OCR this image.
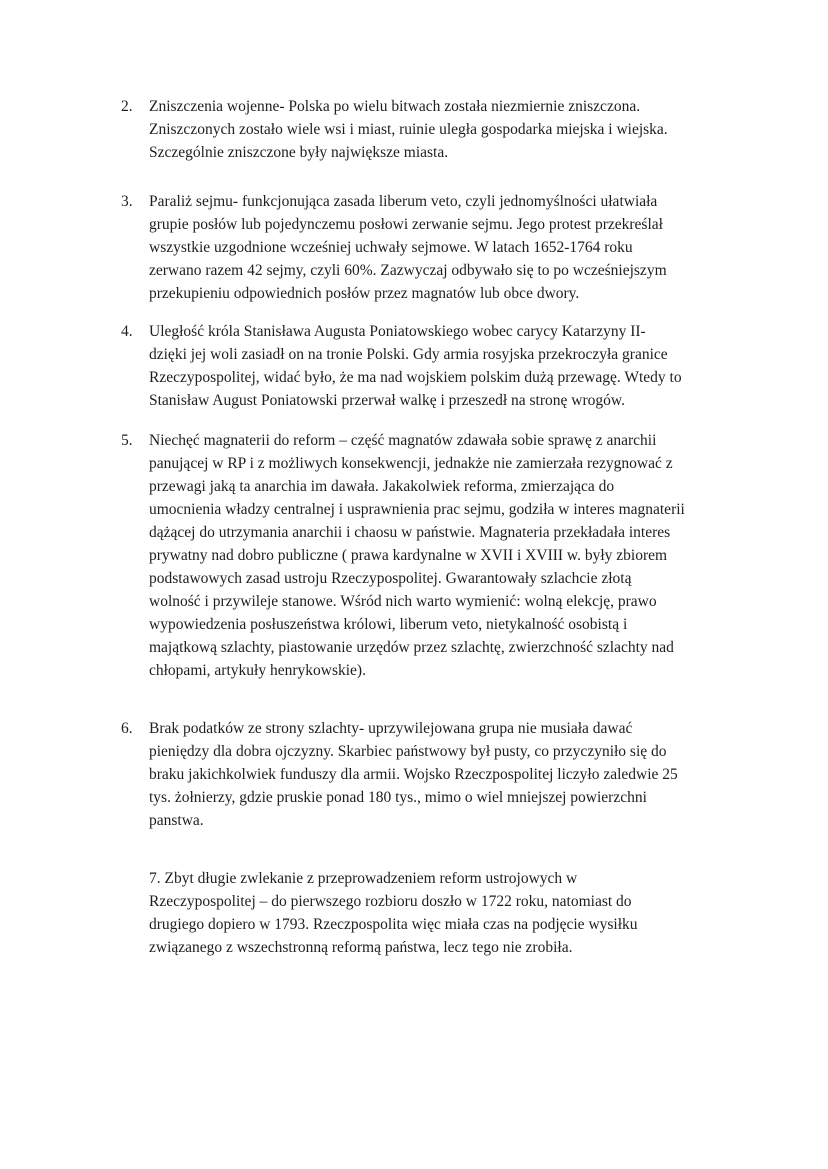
2. Zniszczenia wojenne- Polska po wielu bitwach została niezmiernie zniszczona.
Zniszczonych zostało wiele wsi i miast, ruinie uległa gospodarka miejska i wiejska.
Szczególnie zniszczone były największe miasta.
3. Paraliż sejmu- funkcjonująca zasada liberum veto, czyli jednomyślności ułatwiała
grupie posłów lub pojedynczemu posłowi zerwanie sejmu. Jego protest przekreślał
wszystkie uzgodnione wcześniej uchwały sejmowe. W latach 1652-1764 roku
zerwano razem 42 sejmy, czyli 60%. Zazwyczaj odbywało się to po wcześniejszym
przekupieniu odpowiednich posłów przez magnatów lub obce dwory.
4. Uległość króla Stanisława Augusta Poniatowskiego wobec carycy Katarzyny II-
dzięki jej woli zasiadł on na tronie Polski. Gdy armia rosyjska przekroczyła granice
Rzeczypospolitej, widać było, że ma nad wojskiem polskim dużą przewagę. Wtedy to
Stanisław August Poniatowski przerwał walkę i przeszedł na stronę wrogów.
5. Niechęć magnaterii do reform – część magnatów zdawała sobie sprawę z anarchii
panującej w RP i z możliwych konsekwencji, jednakże nie zamierzała rezygnować z
przewagi jaką ta anarchia im dawała. Jakakolwiek reforma, zmierzająca do
umocnienia władzy centralnej i usprawnienia prac sejmu, godziła w interes magnaterii
dążącej do utrzymania anarchii i chaosu w państwie. Magnateria przekładała interes
prywatny nad dobro publiczne ( prawa kardynalne w XVII i XVIII w. były zbiorem
podstawowych zasad ustroju Rzeczypospolitej. Gwarantowały szlachcie złotą
wolność i przywileje stanowe. Wśród nich warto wymienić: wolną elekcję, prawo
wypowiedzenia posłuszeństwa królowi, liberum veto, nietykalność osobistą i
majątkową szlachty, piastowanie urzędów przez szlachtę, zwierzchność szlachty nad
chłopami, artykuły henrykowskie).
6. Brak podatków ze strony szlachty- uprzywilejowana grupa nie musiała dawać
pieniędzy dla dobra ojczyzny. Skarbiec państwowy był pusty, co przyczyniło się do
braku jakichkolwiek funduszy dla armii. Wojsko Rzeczpospolitej liczyło zaledwie 25
tys. żołnierzy, gdzie pruskie ponad 180 tys., mimo o wiel mniejszej powierzchni
panstwa.
7. Zbyt długie zwlekanie z przeprowadzeniem reform ustrojowych w
Rzeczypospolitej – do pierwszego rozbioru doszło w 1722 roku, natomiast do
drugiego dopiero w 1793. Rzeczpospolita więc miała czas na podjęcie wysiłku
związanego z wszechstronną reformą państwa, lecz tego nie zrobiła.
